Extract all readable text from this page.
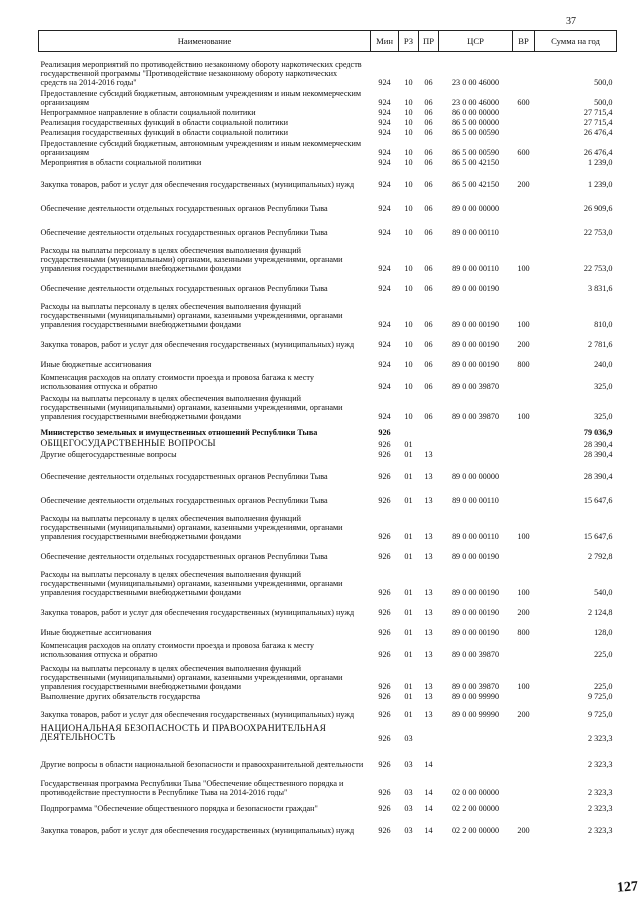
37
Наименование	Мин	РЗ	ПР	ЦСР	ВР	Сумма на год
Реализация мероприятий по противодействию незаконному обороту наркотических средств государственной программы "Противодействие незаконному обороту наркотических средств на 2014-2016 годы"	924	10	06	23 0 00 46000		500,0
Предоставление субсидий бюджетным, автономным учреждениям и иным некоммерческим организациям	924	10	06	23 0 00 46000	600	500,0
Непрограммное направление в области социальной политики	924	10	06	86 0 00 00000		27 715,4
Реализация государственных функций в области социальной политики	924	10	06	86 5 00 00000		27 715,4
Реализация государственных функций в области социальной политики	924	10	06	86 5 00 00590		26 476,4
Предоставление субсидий бюджетным, автономным учреждениям и иным некоммерческим организациям	924	10	06	86 5 00 00590	600	26 476,4
Мероприятия в области социальной политики	924	10	06	86 5 00 42150		1 239,0
Закупка товаров, работ и услуг для обеспечения государственных (муниципальных) нужд	924	10	06	86 5 00 42150	200	1 239,0
Обеспечение деятельности отдельных государственных органов Республики Тыва	924	10	06	89 0 00 00000		26 909,6
Обеспечение деятельности отдельных государственных органов Республики Тыва	924	10	06	89 0 00 00110		22 753,0
Расходы на выплаты персоналу в целях обеспечения выполнения функций государственными (муниципальными) органами, казенными учреждениями, органами управления государственными внебюджетными фондами	924	10	06	89 0 00 00110	100	22 753,0
Обеспечение деятельности отдельных государственных органов Республики Тыва	924	10	06	89 0 00 00190		3 831,6
Расходы на выплаты персоналу в целях обеспечения выполнения функций государственными (муниципальными) органами, казенными учреждениями, органами управления государственными внебюджетными фондами	924	10	06	89 0 00 00190	100	810,0
Закупка товаров, работ и услуг для обеспечения государственных (муниципальных) нужд	924	10	06	89 0 00 00190	200	2 781,6
Иные бюджетные ассигнования	924	10	06	89 0 00 00190	800	240,0
Компенсация расходов на оплату стоимости проезда и провоза багажа к месту использования отпуска и обратно	924	10	06	89 0 00 39870		325,0
Расходы на выплаты персоналу в целях обеспечения выполнения функций государственными (муниципальными) органами, казенными учреждениями, органами управления государственными внебюджетными фондами	924	10	06	89 0 00 39870	100	325,0
Министерство земельных и имущественных отношений Республики Тыва	926					79 036,9
ОБЩЕГОСУДАРСТВЕННЫЕ ВОПРОСЫ	926	01				28 390,4
Другие общегосударственные вопросы	926	01	13			28 390,4
Обеспечение деятельности отдельных государственных органов Республики Тыва	926	01	13	89 0 00 00000		28 390,4
Обеспечение деятельности отдельных государственных органов Республики Тыва	926	01	13	89 0 00 00110		15 647,6
Расходы на выплаты персоналу в целях обеспечения выполнения функций государственными (муниципальными) органами, казенными учреждениями, органами управления государственными внебюджетными фондами	926	01	13	89 0 00 00110	100	15 647,6
Обеспечение деятельности отдельных государственных органов Республики Тыва	926	01	13	89 0 00 00190		2 792,8
Расходы на выплаты персоналу в целях обеспечения выполнения функций государственными (муниципальными) органами, казенными учреждениями, органами управления государственными внебюджетными фондами	926	01	13	89 0 00 00190	100	540,0
Закупка товаров, работ и услуг для обеспечения государственных (муниципальных) нужд	926	01	13	89 0 00 00190	200	2 124,8
Иные бюджетные ассигнования	926	01	13	89 0 00 00190	800	128,0
Компенсация расходов на оплату стоимости проезда и провоза багажа к месту использования отпуска и обратно	926	01	13	89 0 00 39870		225,0
Расходы на выплаты персоналу в целях обеспечения выполнения функций государственными (муниципальными) органами, казенными учреждениями, органами управления государственными внебюджетными фондами	926	01	13	89 0 00 39870	100	225,0
Выполнение других обязательств государства	926	01	13	89 0 00 99990		9 725,0
Закупка товаров, работ и услуг для обеспечения государственных (муниципальных) нужд	926	01	13	89 0 00 99990	200	9 725,0
НАЦИОНАЛЬНАЯ БЕЗОПАСНОСТЬ И ПРАВООХРАНИТЕЛЬНАЯ ДЕЯТЕЛЬНОСТЬ	926	03				2 323,3
Другие вопросы в области национальной безопасности и правоохранительной деятельности	926	03	14			2 323,3
Государственная программа Республики Тыва "Обеспечение общественного порядка и противодействие преступности в Республике Тыва на 2014-2016 годы"	926	03	14	02 0 00 00000		2 323,3
Подпрограмма "Обеспечение общественного порядка и безопасности граждан"	926	03	14	02 2 00 00000		2 323,3
Закупка товаров, работ и услуг для обеспечения государственных (муниципальных) нужд	926	03	14	02 2 00 00000	200	2 323,3
127
